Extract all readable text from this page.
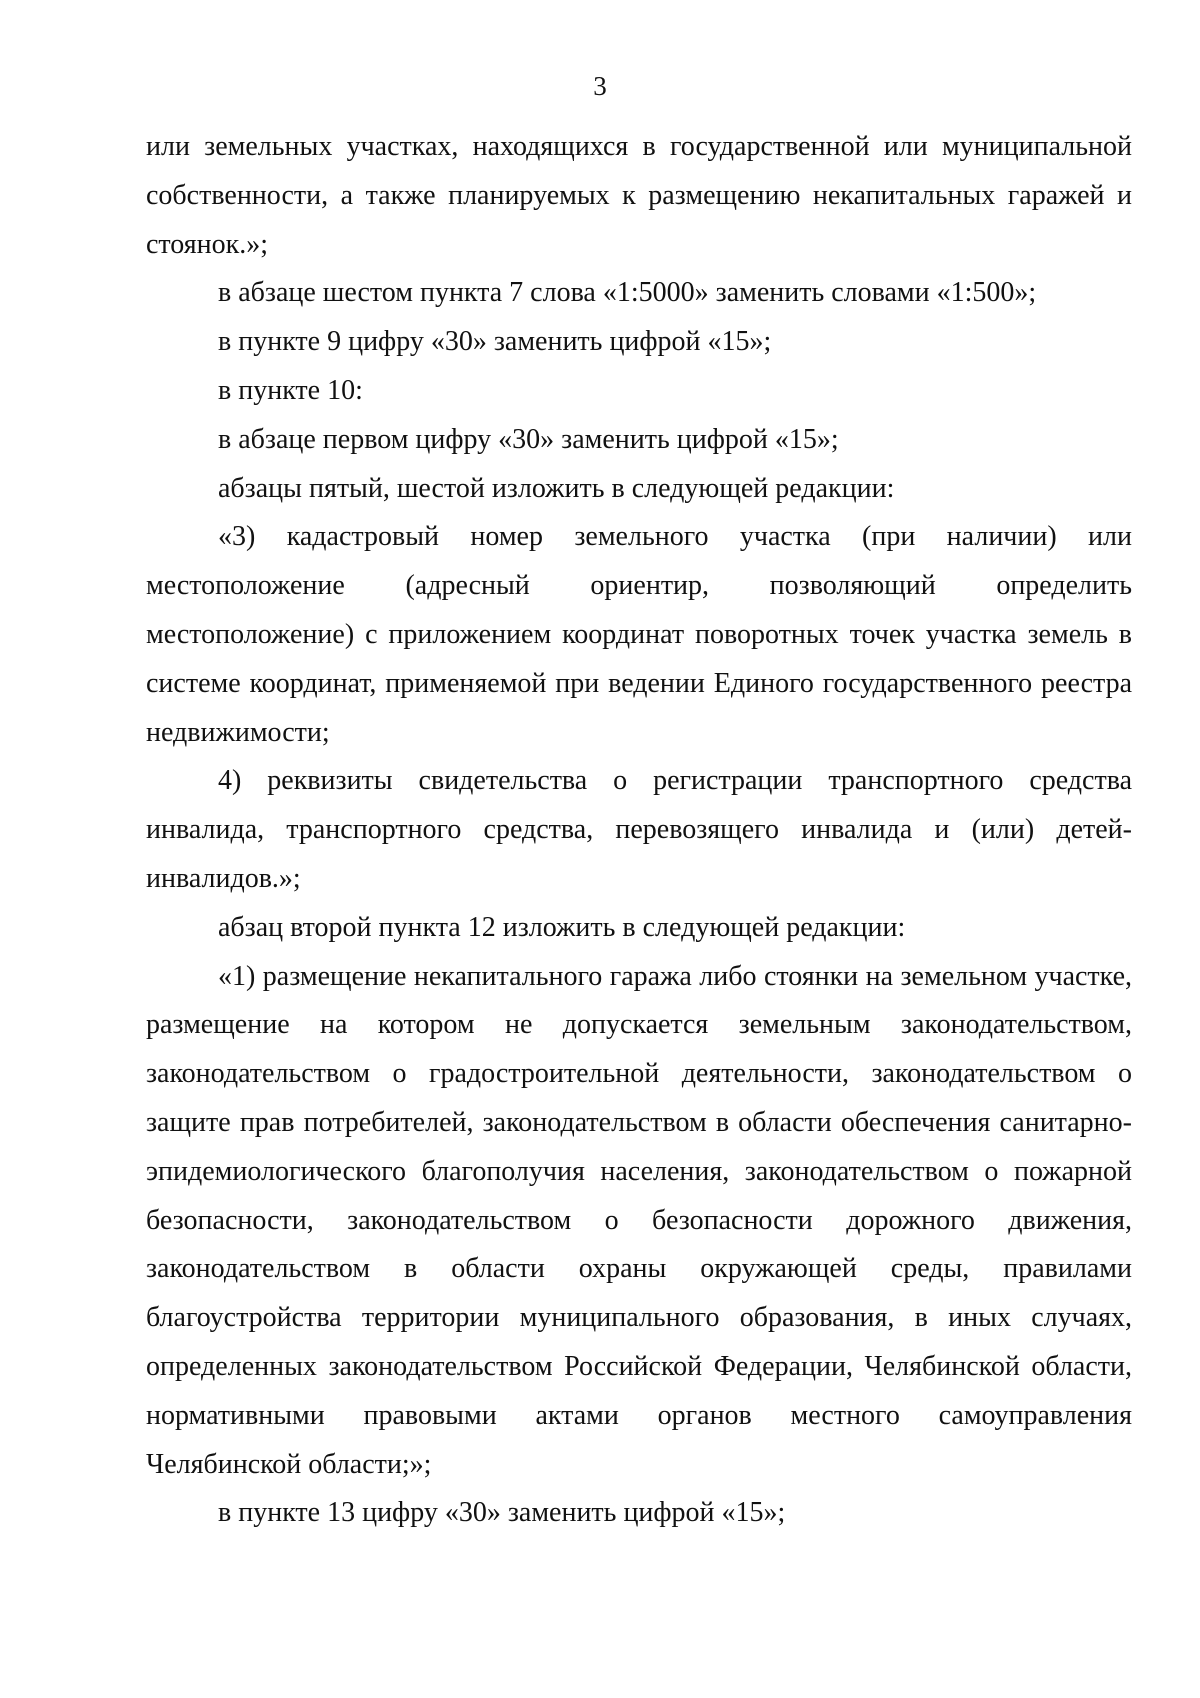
3

или земельных участках, находящихся в государственной или муниципальной собственности, а также планируемых к размещению некапитальных гаражей и стоянок.»;

в абзаце шестом пункта 7 слова «1:5000» заменить словами «1:500»;

в пункте 9 цифру «30» заменить цифрой «15»;

в пункте 10:

в абзаце первом цифру «30» заменить цифрой «15»;

абзацы пятый, шестой изложить в следующей редакции:

«3) кадастровый номер земельного участка (при наличии) или местоположение (адресный ориентир, позволяющий определить местоположение) с приложением координат поворотных точек участка земель в системе координат, применяемой при ведении Единого государственного реестра недвижимости;

4) реквизиты свидетельства о регистрации транспортного средства инвалида, транспортного средства, перевозящего инвалида и (или) детей-инвалидов.»;

абзац второй пункта 12 изложить в следующей редакции:

«1) размещение некапитального гаража либо стоянки на земельном участке, размещение на котором не допускается земельным законодательством, законодательством о градостроительной деятельности, законодательством о защите прав потребителей, законодательством в области обеспечения санитарно-эпидемиологического благополучия населения, законодательством о пожарной безопасности, законодательством о безопасности дорожного движения, законодательством в области охраны окружающей среды, правилами благоустройства территории муниципального образования, в иных случаях, определенных законодательством Российской Федерации, Челябинской области, нормативными правовыми актами органов местного самоуправления Челябинской области;»;

в пункте 13 цифру «30» заменить цифрой «15»;
